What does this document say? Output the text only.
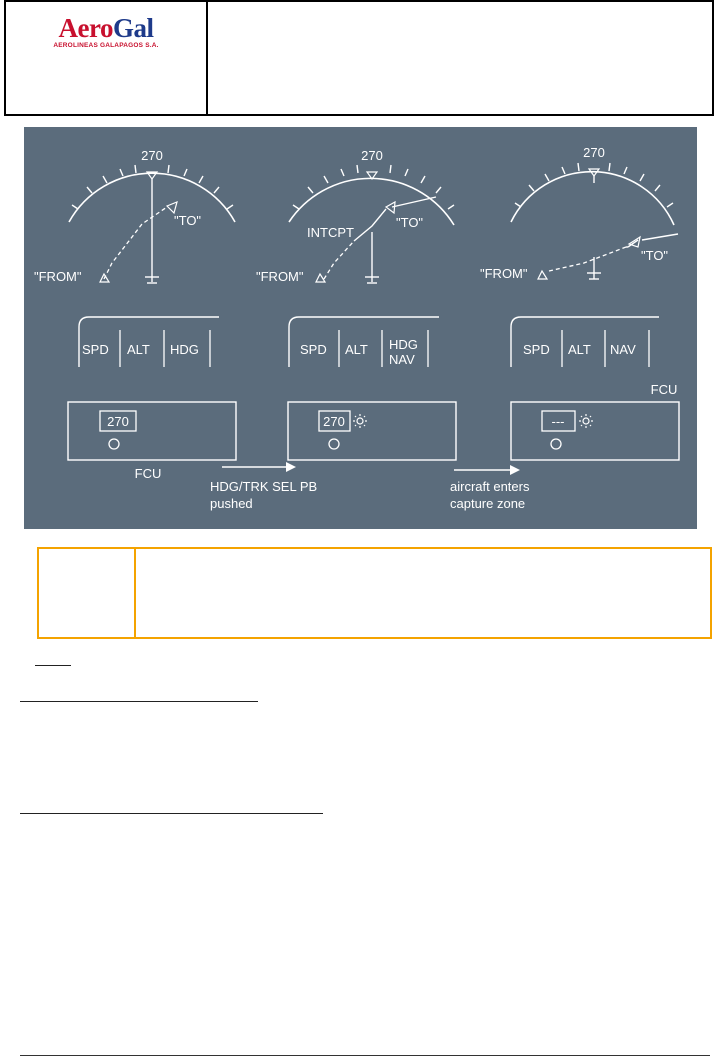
AeroGal
AEROLINEAS GALAPAGOS S.A.
270
"TO"
"FROM"
270
"TO"
INTCPT
"FROM"
270
"TO"
"FROM"
SPD ALT HDG	SPD ALT HDG
NAV
SPD ALT NAV
270
FCU
270	---
FCU
HDG/TRK SEL PB
pushed
aircraft enters
capture zone
